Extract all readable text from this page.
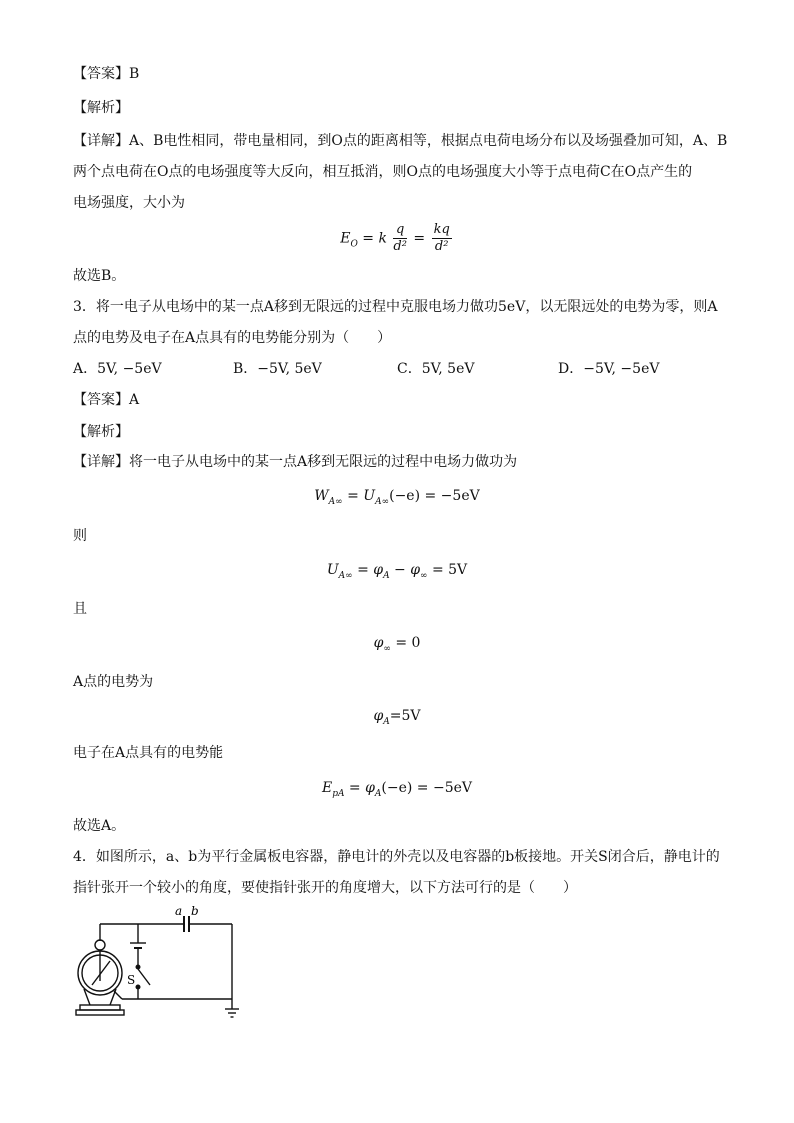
【答案】B
【解析】
【详解】A、B电性相同，带电量相同，到O点的距离相等，根据点电荷电场分布以及场强叠加可知，A、B
两个点电荷在O点的电场强度等大反向，相互抵消，则O点的电场强度大小等于点电荷C在O点产生的
电场强度，大小为
$E_O = k \frac{q}{\text{d²}} = \frac{kq}{\text{d²}}$
故选B。
3．将一电子从电场中的某一点A移到无限远的过程中克服电场力做功5eV，以无限远处的电势为零，则A
点的电势及电子在A点具有的电势能分别为（　　）
A．5V, −5eV	B．−5V, 5eV	C．5V, 5eV	D．−5V, −5eV
【答案】A
【解析】
【详解】将一电子从电场中的某一点A移到无限远的过程中电场力做功为
$W_{A\infty} = U_{A\infty}(-e) = -5eV$
则
$U_{A\infty} = \varphi_A - \varphi_\infty = 5V$
且
$\varphi_\infty = 0$
A点的电势为
$\varphi_A=5V$
电子在A点具有的电势能
$E_{pA} = \varphi_A(-e) = -5eV$
故选A。
4．如图所示，a、b为平行金属板电容器，静电计的外壳以及电容器的b板接地。开关S闭合后，静电计的
指针张开一个较小的角度，要使指针张开的角度增大，以下方法可行的是（　　）
a b
S
